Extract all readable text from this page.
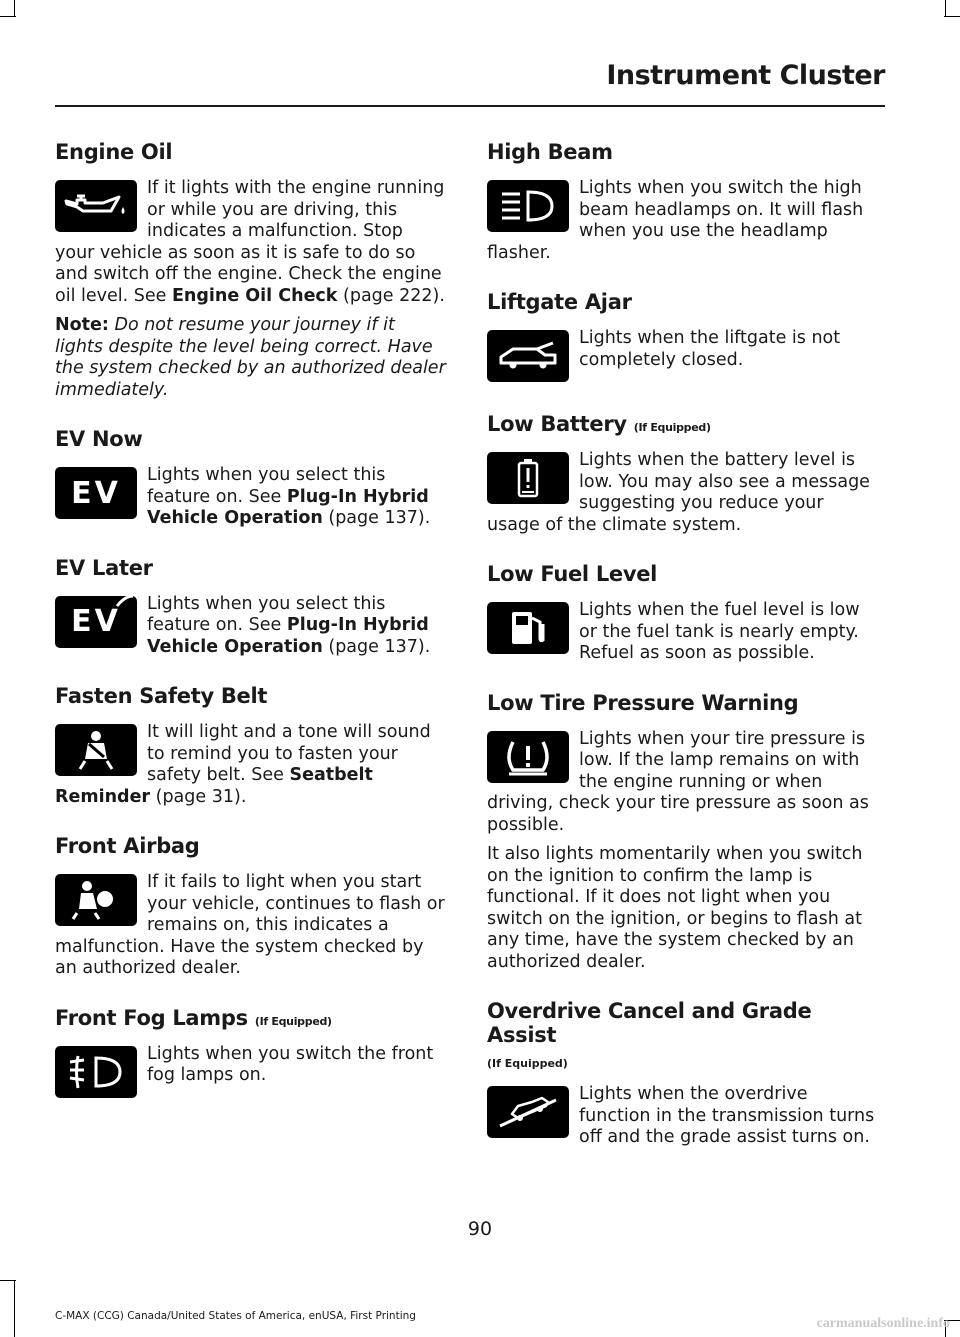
Instrument Cluster
Engine Oil

If it lights with the engine running or while you are driving, this indicates a malfunction. Stop your vehicle as soon as it is safe to do so and switch off the engine. Check the engine oil level. See Engine Oil Check (page 222).

Note: Do not resume your journey if it lights despite the level being correct. Have the system checked by an authorized dealer immediately.

EV Now
EV

Lights when you select this feature on. See Plug-In Hybrid Vehicle Operation (page 137).

EV Later
EV

Lights when you select this feature on. See Plug-In Hybrid Vehicle Operation (page 137).

Fasten Safety Belt

It will light and a tone will sound to remind you to fasten your safety belt. See Seatbelt Reminder (page 31).

Front Airbag

If it fails to light when you start your vehicle, continues to flash or remains on, this indicates a malfunction. Have the system checked by an authorized dealer.

Front Fog Lamps (If Equipped)

Lights when you switch the front fog lamps on.

High Beam

Lights when you switch the high beam headlamps on. It will flash when you use the headlamp flasher.

Liftgate Ajar

Lights when the liftgate is not completely closed.

Low Battery (If Equipped)

Lights when the battery level is low. You may also see a message suggesting you reduce your usage of the climate system.

Low Fuel Level

Lights when the fuel level is low or the fuel tank is nearly empty. Refuel as soon as possible.

Low Tire Pressure Warning

Lights when your tire pressure is low. If the lamp remains on with the engine running or when driving, check your tire pressure as soon as possible.

It also lights momentarily when you switch on the ignition to confirm the lamp is functional. If it does not light when you switch on the ignition, or begins to flash at any time, have the system checked by an authorized dealer.

Overdrive Cancel and Grade Assist
(If Equipped)

Lights when the overdrive function in the transmission turns off and the grade assist turns on.

90
C-MAX (CCG) Canada/United States of America, enUSA, First Printing	carmanualsonline.info
